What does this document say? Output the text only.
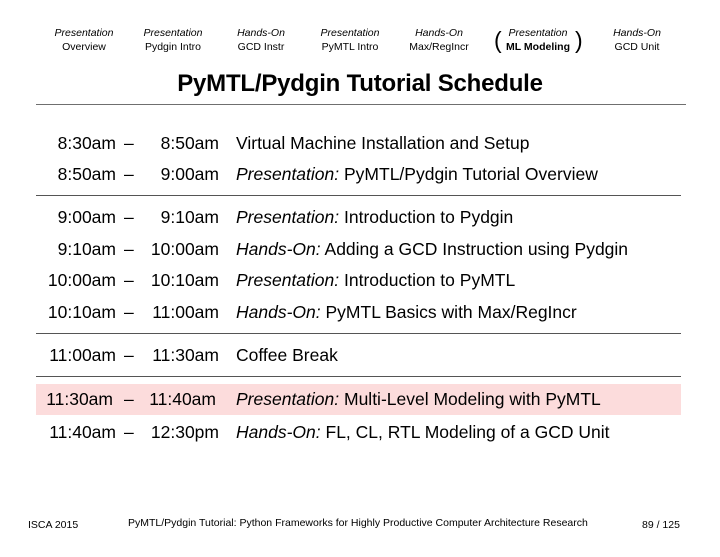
Presentation
Overview
Presentation
Pydgin Intro
Hands-On
GCD Instr
Presentation
PyMTL Intro
Hands-On
Max/RegIncr	( Presentation
ML Modeling )	Hands-On
GCD Unit
PyMTL/Pydgin Tutorial Schedule
8:30am – 8:50am Virtual Machine Installation and Setup
8:50am – 9:00am Presentation: PyMTL/Pydgin Tutorial Overview
9:00am – 9:10am Presentation: Introduction to Pydgin
9:10am – 10:00am Hands-On: Adding a GCD Instruction using Pydgin
10:00am – 10:10am Presentation: Introduction to PyMTL
10:10am – 11:00am Hands-On: PyMTL Basics with Max/RegIncr
11:00am – 11:30am Coffee Break
11:30am – 11:40am Presentation: Multi-Level Modeling with PyMTL
11:40am – 12:30pm Hands-On: FL, CL, RTL Modeling of a GCD Unit
ISCA 2015	PyMTL/Pydgin Tutorial: Python Frameworks for Highly Productive Computer Architecture Research	89 / 125
